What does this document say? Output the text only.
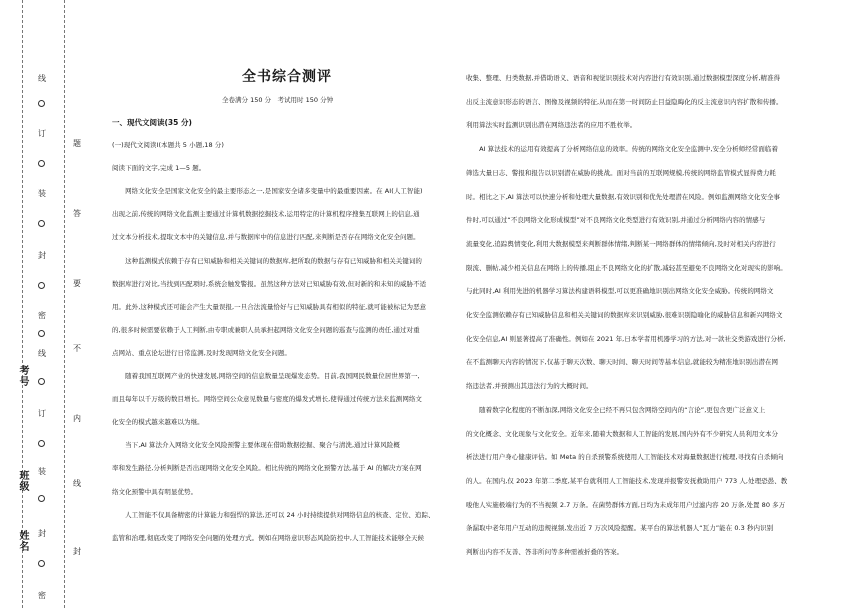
线
订
装
封
密
线
订
装
封
密
题
答
要
不
内
线
封
考号
班级
姓名
全书综合测评
全卷满分 150 分　考试用时 150 分钟
一、现代文阅读(35 分)
(一)现代文阅读Ⅰ(本题共 5 小题,18 分)
阅读下面的文字,完成 1—5 题。
　　网络文化安全是国家文化安全的最主要形态之一,是国家安全诸多变量中的最重要因素。在 AI(人工智能)
出现之前,传统的网络文化监测主要通过计算机数据挖掘技术,运用特定的计算机程序搜集互联网上的信息,通
过文本分析技术,提取文本中的关键信息,并与数据库中的信息进行匹配,来判断是否存在网络文化安全问题。
　　这种监测模式依赖于存有已知威胁和相关关键词的数据库,把所取的数据与存有已知威胁和相关关键词的
数据库进行对比,当找到匹配项时,系统会触发警报。虽然这种方法对已知威胁有效,但对新的和未知的威胁不适
用。此外,这种模式还可能会产生大量误报,一旦合法流量恰好与已知威胁具有相似的特征,就可能被标记为恶意
的,很多时候需要依赖于人工判断,由专职或兼职人员承担起网络文化安全问题的巡查与监测的责任,通过对重
点网站、重点论坛进行日常监测,及时发现网络文化安全问题。
　　随着我国互联网产业的快速发展,网络空间的信息数量呈现爆发态势。目前,我国网民数量位居世界第一,
而且每年以千万级的数目增长。网络空间公众意见数量与密度的爆发式增长,使得通过传统方法来监测网络文
化安全的模式越来越难以为继。
　　当下,AI 算法介入网络文化安全风险预警主要体现在借助数据挖掘、聚合与清洗,通过计算风险概
率和发生路径,分析判断是否出现网络文化安全风险。相比传统的网络文化预警方法,基于 AI 的解决方案在网
络文化预警中具有明显优势。
　　人工智能不仅具备精密的计算能力和强悍的算法,还可以 24 小时持续提供对网络信息的核查、定位、追踪、
监管和治理,彻底改变了网络安全问题的处理方式。例如在网络意识形态风险防控中,人工智能技术能够全天候
收集、整理、归类数据,并借助语义、语音和视觉识别技术对内容进行有效识别,通过数据模型深度分析,精准得
出反主流意识形态的语言、图像及视频的特征,从而在第一时间防止目益隐晦化的反主流意识内容扩散和传播。
利用算法实时监测识别出潜在网络违法者的应用不胜枚举。
　　AI 算法技术的运用有效提高了分析网络信息的效率。传统的网络文化安全监测中,安全分析师经常面临着
筛选大量日志、警报和报告以识别潜在威胁的挑战。面对当前的互联网规模,传统的网络监管模式显得费力耗
时。相比之下,AI 算法可以快速分析和处理大量数据,有效识别和优先处理潜在风险。例如监测网络文化安全事
件时,可以通过“不良网络文化形成模型”对不良网络文化类型进行有效识别,并通过分析网络内容的情感与
流量变化,追踪舆情变化,利用大数据模型来判断群体情绪,判断某一网络群体的情绪倾向,及时对相关内容进行
限流、删帖,减少相关信息在网络上的传播,阻止不良网络文化的扩散,减轻甚至避免不良网络文化对现实的影响。
与此同时,AI 利用先进的机器学习算法构建语料模型,可以更准确地识别出网络文化安全威胁。传统的网络文
化安全监测依赖存有已知威胁信息和相关关键词的数据库来识别威胁,很难识别隐喻化的威胁信息和新兴网络文
化安全信息,AI 则显著提高了准确性。例如在 2021 年,日本学者用机器学习的方法,对一款社交类游戏进行分析,
在不监测聊天内容的情况下,仅基于聊天次数、聊天时间、聊天时间等基本信息,就能较为精准地识别出潜在网
络违法者,并预测出其违法行为的大概时间。
　　随着数字化程度的不断加深,网络文化安全已经不再只包含网络空间内的“言论”,更包含更广泛意义上
的文化概念、文化现象与文化安全。近年来,随着大数据和人工智能的发展,国内外有不少研究人员利用文本分
析法进行用户身心健康评估。如 Meta 的自杀预警系统使用人工智能技术对海量数据进行梳理,寻找有自杀倾向
的人。在国内,仅 2023 年第二季度,某平台就利用人工智能技术,发现并报警安抚救助用户 773 人,处理恐愚、教
唆他人实施极端行为的不当视频 2.7 万条。在菌势群体方面,日均为未成年用户过滤内容 20 万条,处置 80 多万
条漏取中老年用户互动的违规视频,发出近 7 万次风险提醒。某平台的算法机器人“瓦力”能在 0.3 秒内识别
判断出内容不友善、答非所问等多种需被折叠的答案。
